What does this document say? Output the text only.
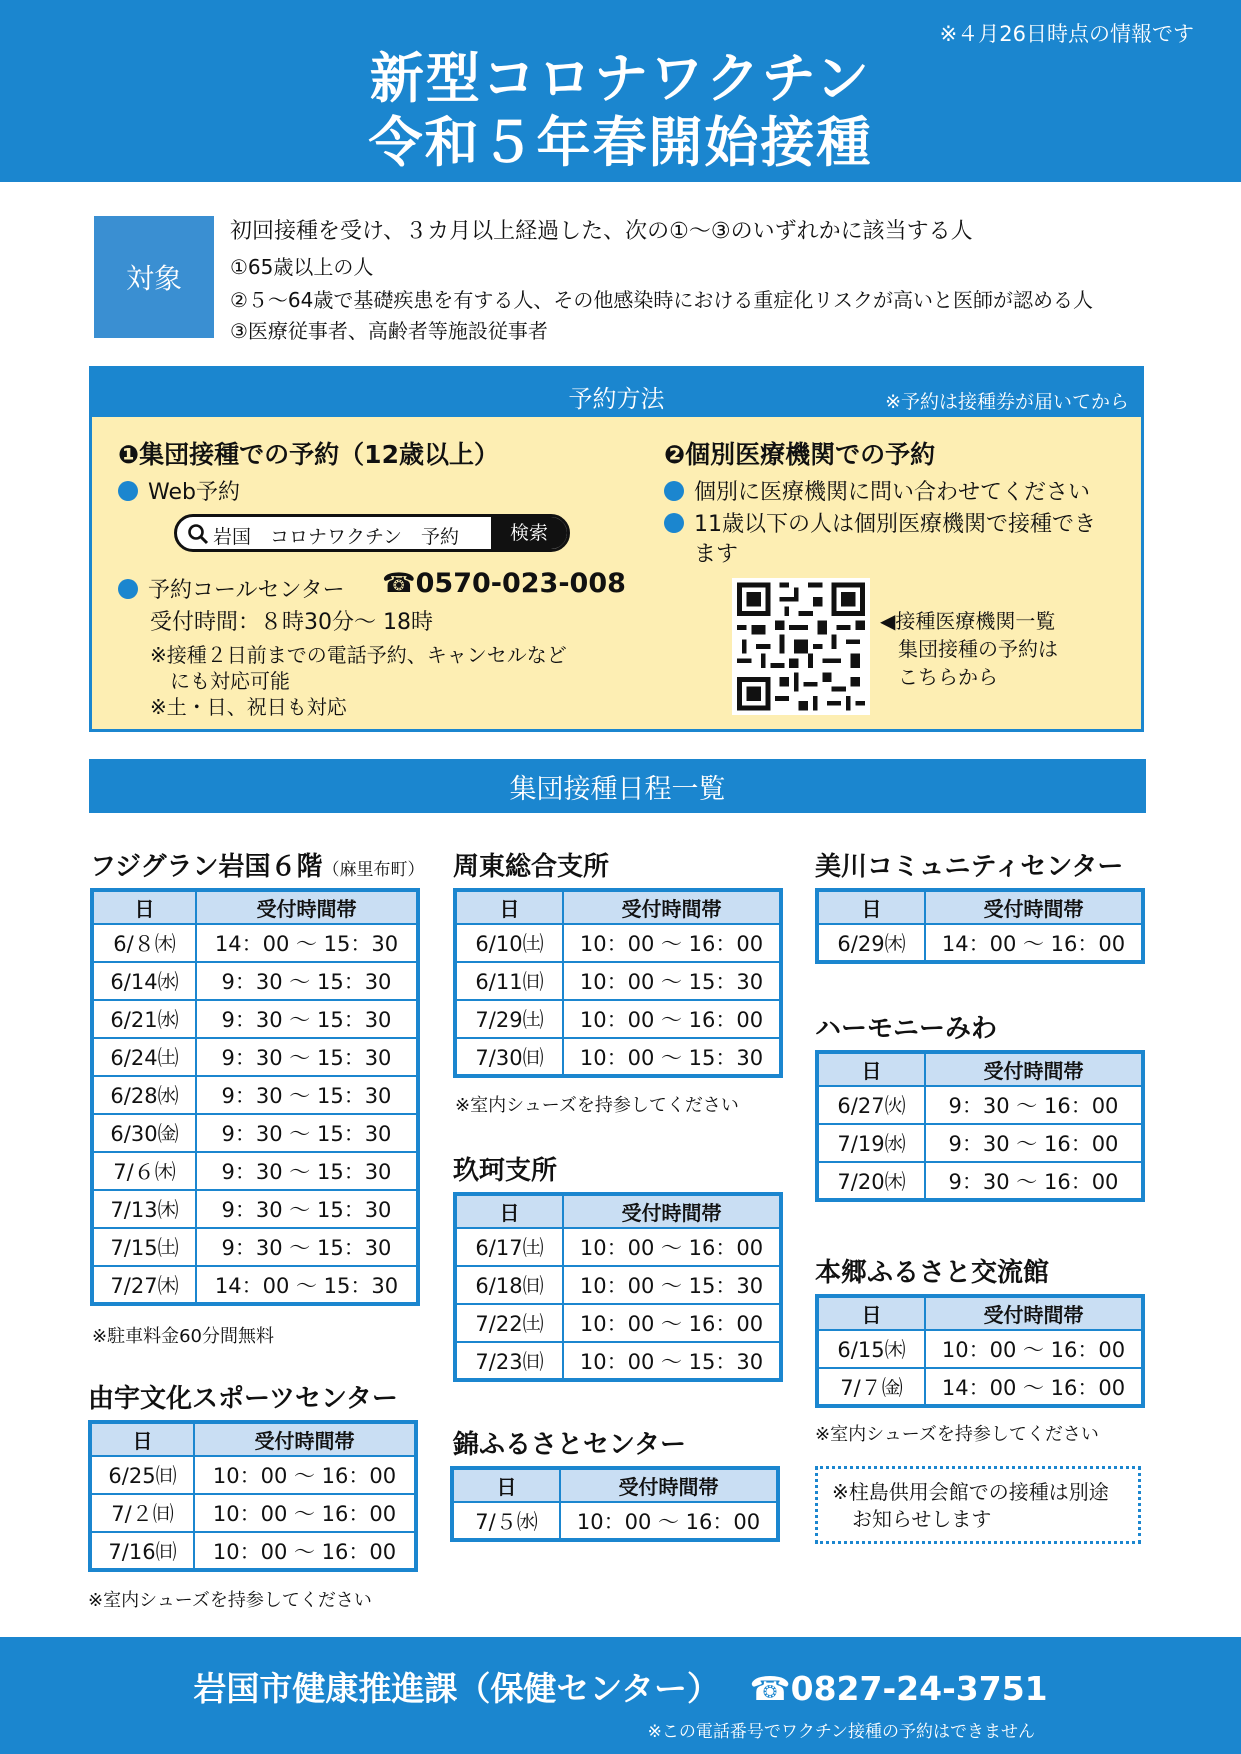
※４月26日時点の情報です
新型コロナワクチン
令和５年春開始接種
対象
初回接種を受け、３カ月以上経過した、次の①～③のいずれかに該当する人
①65歳以上の人
②５～64歳で基礎疾患を有する人、その他感染時における重症化リスクが高いと医師が認める人
③医療従事者、高齢者等施設従事者
予約方法	※予約は接種券が届いてから
❶集団接種での予約（12歳以上）
Web予約
岩国　コロナワクチン　予約	検索
予約コールセンター ☎0570-023-008
受付時間：８時30分～ 18時
※接種２日前までの電話予約、キャンセルなど
にも対応可能
※土・日、祝日も対応
❷個別医療機関での予約
個別に医療機関に問い合わせてください
11歳以下の人は個別医療機関で接種でき
ます
◀接種医療機関一覧
集団接種の予約は
こちらから
集団接種日程一覧
フジグラン岩国６階（麻里布町）
日	受付時間帯
6/８㈭	14：00 ～ 15：30
6/14㈬	9：30 ～ 15：30
6/21㈬	9：30 ～ 15：30
6/24㈯	9：30 ～ 15：30
6/28㈬	9：30 ～ 15：30
6/30㈮	9：30 ～ 15：30
7/６㈭	9：30 ～ 15：30
7/13㈭	9：30 ～ 15：30
7/15㈯	9：30 ～ 15：30
7/27㈭	14：00 ～ 15：30
※駐車料金60分間無料
由宇文化スポーツセンター
日	受付時間帯
6/25㈰	10：00 ～ 16：00
7/２㈰	10：00 ～ 16：00
7/16㈰	10：00 ～ 16：00
※室内シューズを持参してください
周東総合支所
日	受付時間帯
6/10㈯	10：00 ～ 16：00
6/11㈰	10：00 ～ 15：30
7/29㈯	10：00 ～ 16：00
7/30㈰	10：00 ～ 15：30
※室内シューズを持参してください
玖珂支所
日	受付時間帯
6/17㈯	10：00 ～ 16：00
6/18㈰	10：00 ～ 15：30
7/22㈯	10：00 ～ 16：00
7/23㈰	10：00 ～ 15：30
錦ふるさとセンター
日	受付時間帯
7/５㈬	10：00 ～ 16：00
美川コミュニティセンター
日	受付時間帯
6/29㈭	14：00 ～ 16：00
ハーモニーみわ
日	受付時間帯
6/27㈫	9：30 ～ 16：00
7/19㈬	9：30 ～ 16：00
7/20㈭	9：30 ～ 16：00
本郷ふるさと交流館
日	受付時間帯
6/15㈭	10：00 ～ 16：00
7/７㈮	14：00 ～ 16：00
※室内シューズを持参してください
※柱島供用会館での接種は別途
お知らせします
岩国市健康推進課（保健センター） ☎0827-24-3751
※この電話番号でワクチン接種の予約はできません
